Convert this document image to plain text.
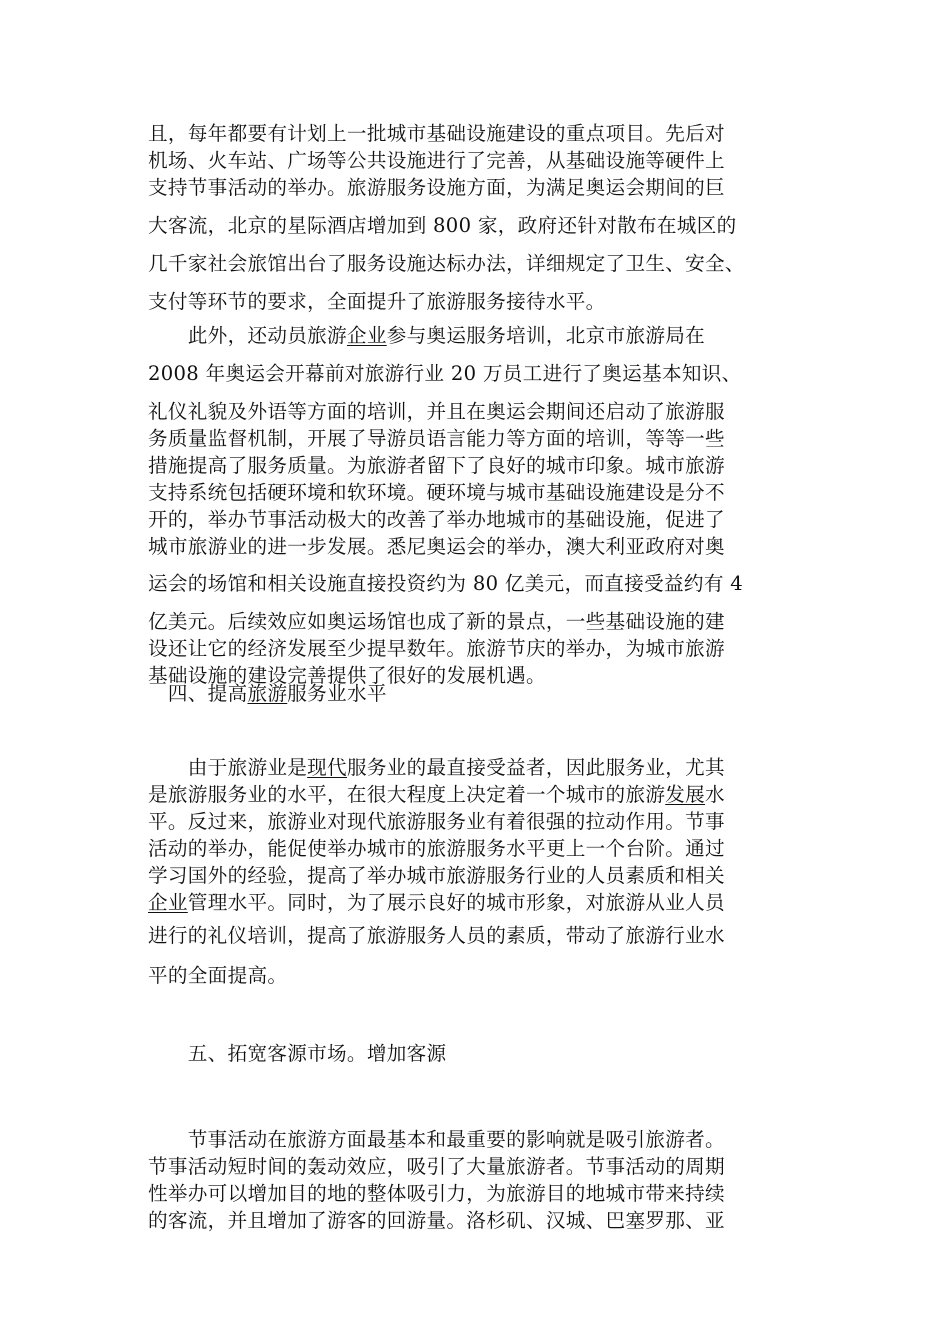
且，每年都要有计划上一批城市基础设施建设的重点项目。先后对
机场、火车站、广场等公共设施进行了完善，从基础设施等硬件上
支持节事活动的举办。旅游服务设施方面，为满足奥运会期间的巨
大客流，北京的星际酒店增加到 800 家，政府还针对散布在城区的
几千家社会旅馆出台了服务设施达标办法，详细规定了卫生、安全、
支付等环节的要求，全面提升了旅游服务接待水平。
　　此外，还动员旅游企业参与奥运服务培训，北京市旅游局在
2008 年奥运会开幕前对旅游行业 20 万员工进行了奥运基本知识、
礼仪礼貌及外语等方面的培训，并且在奥运会期间还启动了旅游服
务质量监督机制，开展了导游员语言能力等方面的培训，等等一些
措施提高了服务质量。为旅游者留下了良好的城市印象。城市旅游
支持系统包括硬环境和软环境。硬环境与城市基础设施建设是分不
开的，举办节事活动极大的改善了举办地城市的基础设施，促进了
城市旅游业的进一步发展。悉尼奥运会的举办，澳大利亚政府对奥
运会的场馆和相关设施直接投资约为 80 亿美元，而直接受益约有 4
亿美元。后续效应如奥运场馆也成了新的景点，一些基础设施的建
设还让它的经济发展至少提早数年。旅游节庆的举办，为城市旅游
基础设施的建设完善提供了很好的发展机遇。
　四、提高旅游服务业水平
　　由于旅游业是现代服务业的最直接受益者，因此服务业，尤其
是旅游服务业的水平，在很大程度上决定着一个城市的旅游发展水
平。反过来，旅游业对现代旅游服务业有着很强的拉动作用。节事
活动的举办，能促使举办城市的旅游服务水平更上一个台阶。通过
学习国外的经验，提高了举办城市旅游服务行业的人员素质和相关
企业管理水平。同时，为了展示良好的城市形象，对旅游从业人员
进行的礼仪培训，提高了旅游服务人员的素质，带动了旅游行业水
平的全面提高。
　　五、拓宽客源市场。增加客源
　　节事活动在旅游方面最基本和最重要的影响就是吸引旅游者。
节事活动短时间的轰动效应，吸引了大量旅游者。节事活动的周期
性举办可以增加目的地的整体吸引力，为旅游目的地城市带来持续
的客流，并且增加了游客的回游量。洛杉矶、汉城、巴塞罗那、亚
